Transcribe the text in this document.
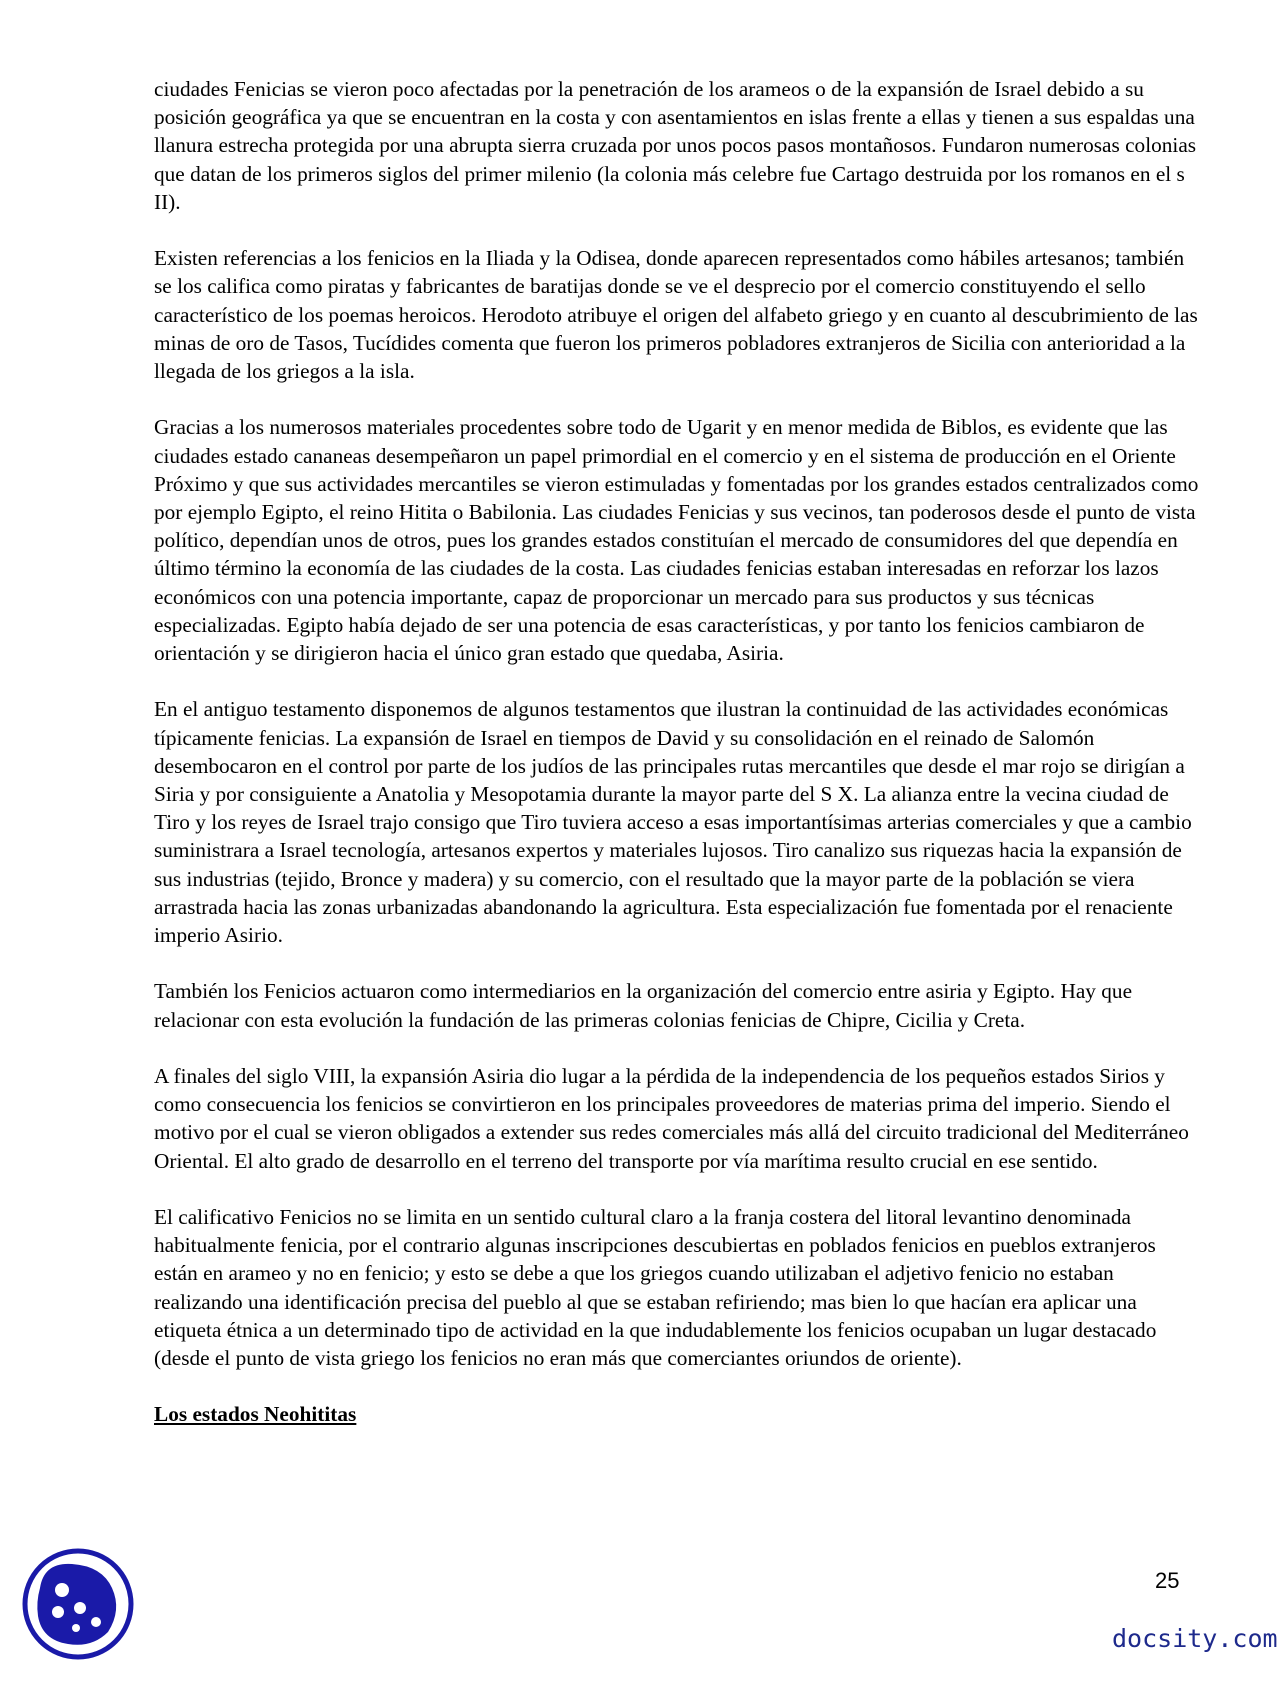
ciudades Fenicias se vieron poco afectadas por la penetración de los arameos o de la expansión de Israel debido a su posición geográfica ya que se encuentran en la costa y con asentamientos en islas frente a ellas y tienen a sus espaldas una llanura estrecha protegida por una abrupta sierra cruzada por unos pocos pasos montañosos. Fundaron numerosas colonias que datan de los primeros siglos del primer milenio (la colonia más celebre fue Cartago destruida por los romanos en el s II).

Existen referencias a los fenicios en la Iliada y la Odisea, donde aparecen representados como hábiles artesanos; también se los califica como piratas y fabricantes de baratijas donde se ve el desprecio por el comercio constituyendo el sello característico de los poemas heroicos. Herodoto atribuye el origen del alfabeto griego y en cuanto al descubrimiento de las minas de oro de Tasos, Tucídides comenta que fueron los primeros pobladores extranjeros de Sicilia con anterioridad a la llegada de los griegos a la isla.

Gracias a los numerosos materiales procedentes sobre todo de Ugarit y en menor medida de Biblos, es evidente que las ciudades estado cananeas desempeñaron un papel primordial en el comercio y en el sistema de producción en el Oriente Próximo y que sus actividades mercantiles se vieron estimuladas y fomentadas por los grandes estados centralizados como por ejemplo Egipto, el reino Hitita o Babilonia. Las ciudades Fenicias y sus vecinos, tan poderosos desde el punto de vista político, dependían unos de otros, pues los grandes estados constituían el mercado de consumidores del que dependía en último término la economía de las ciudades de la costa. Las ciudades fenicias estaban interesadas en reforzar los lazos económicos con una potencia importante, capaz de proporcionar un mercado para sus productos y sus técnicas especializadas. Egipto había dejado de ser una potencia de esas características, y por tanto los fenicios cambiaron de orientación y se dirigieron hacia el único gran estado que quedaba, Asiria.

En el antiguo testamento disponemos de algunos testamentos que ilustran la continuidad de las actividades económicas típicamente fenicias. La expansión de Israel en tiempos de David y su consolidación en el reinado de Salomón desembocaron en el control por parte de los judíos de las principales rutas mercantiles que desde el mar rojo se dirigían a Siria y por consiguiente a Anatolia y Mesopotamia durante la mayor parte del S X. La alianza entre la vecina ciudad de Tiro y los reyes de Israel trajo consigo que Tiro tuviera acceso a esas importantísimas arterias comerciales y que a cambio suministrara a Israel tecnología, artesanos expertos y materiales lujosos. Tiro canalizo sus riquezas hacia la expansión de sus industrias (tejido, Bronce y madera) y su comercio, con el resultado que la mayor parte de la población se viera arrastrada hacia las zonas urbanizadas abandonando la agricultura. Esta especialización fue fomentada por el renaciente imperio Asirio.

También los Fenicios actuaron como intermediarios en la organización del comercio entre asiria y Egipto. Hay que relacionar con esta evolución la fundación de las primeras colonias fenicias de Chipre, Cicilia y Creta.

A finales del siglo VIII, la expansión Asiria dio lugar a la pérdida de la independencia de los pequeños estados Sirios y como consecuencia los fenicios se convirtieron en los principales proveedores de materias prima del imperio. Siendo el motivo por el cual se vieron obligados a extender sus redes comerciales más allá del circuito tradicional del Mediterráneo Oriental. El alto grado de desarrollo en el terreno del transporte por vía marítima resulto crucial en ese sentido.

El calificativo Fenicios no se limita en un sentido cultural claro a la franja costera del litoral levantino denominada habitualmente fenicia, por el contrario algunas inscripciones descubiertas en poblados fenicios en pueblos extranjeros están en arameo y no en fenicio; y esto se debe a que los griegos cuando utilizaban el adjetivo fenicio no estaban realizando una identificación precisa del pueblo al que se estaban refiriendo; mas bien lo que hacían era aplicar una etiqueta étnica a un determinado tipo de actividad en la que indudablemente los fenicios ocupaban un lugar destacado (desde el punto de vista griego los fenicios no eran más que comerciantes oriundos de oriente).

Los estados Neohititas

25
docsity.com
